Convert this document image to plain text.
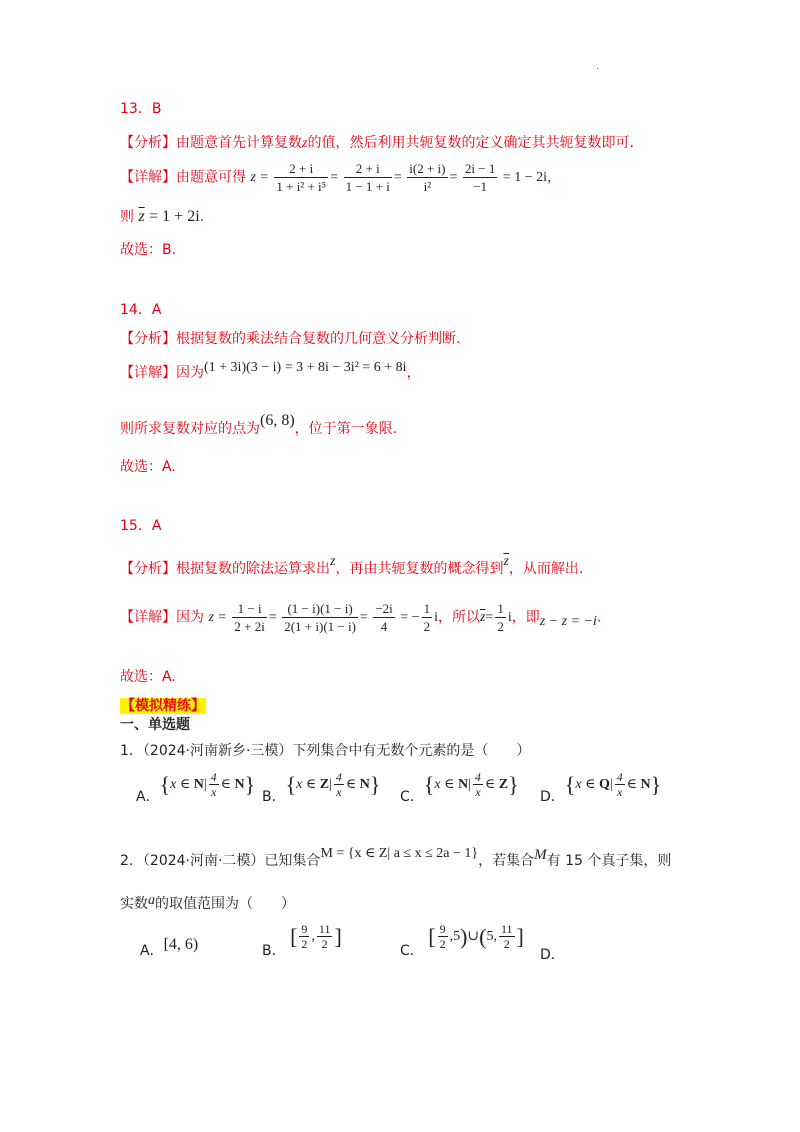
.
13．B
【分析】由题意首先计算复数z的值，然后利用共轭复数的定义确定其共轭复数即可.
【详解】由题意可得 $z = \frac{2 + i}{\text{1 + i² + i⁵}} = \frac{2 + i}{1 - 1 + i} = \frac{i(2 + i)}{\text{i²}} = \frac{2i - 1}{-1} = 1 - 2i$，
则 $\overline{z} = 1 + 2i$.
故选：B.
14．A
【分析】根据复数的乘法结合复数的几何意义分析判断.
【详解】因为(1 + 3i)(3 − i) = 3 + 8i − 3i² = 6 + 8i，
则所求复数对应的点为(6, 8)，位于第一象限.
故选：A.
15．A
【分析】根据复数的除法运算求出z，再由共轭复数的概念得到$\overline{z}$，从而解出.
【详解】因为 $z = \frac{1 - i}{2 + 2i} = \frac{(1 - i)(1 - i)}{2(1 + i)(1 - i)} = \frac{-2i}{4}$ = − $\frac{1}{2}$ i，所以$\overline{z}= \frac{1}{2}$ i，即z − z = −i.
故选：A.
【模拟精练】
一、单选题
1．（2024·河南新乡·三模）下列集合中有无数个元素的是（　　）
A．{x ∈ $N| \frac{4}{x}$ ∈ N} B．{x ∈ $Z| \frac{4}{x}$ ∈ N} C．{x ∈ $N| \frac{4}{x}$ ∈ Z} D．{x ∈ $Q| \frac{4}{x}$ ∈ N}
2．（2024·河南·二模）已知集合M = {x ∈ Z| a ≤ x ≤ 2a − 1}，若集合M有 15 个真子集，则
实数a的取值范围为（　　）
A．[4, 6)	B． [ $\frac{9}{2}$ , $\frac{11}{2}$ ]
C． [ $\frac{9}{2}$ ,5)∪(5, $\frac{11}{2}$ ]
D．
